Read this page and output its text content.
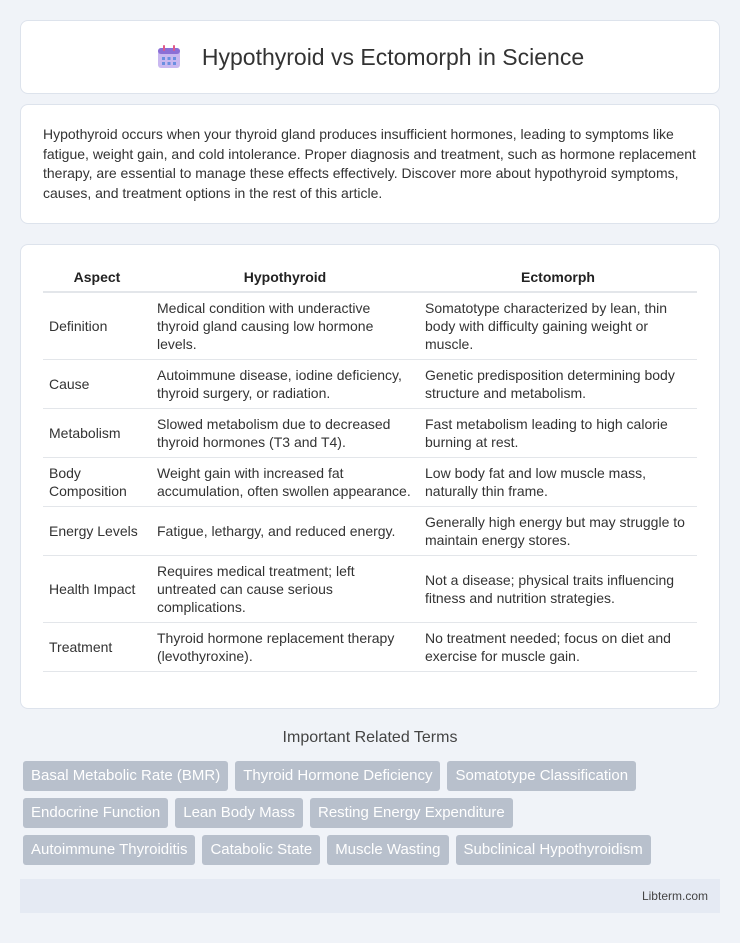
Hypothyroid vs Ectomorph in Science

Hypothyroid occurs when your thyroid gland produces insufficient hormones, leading to symptoms like fatigue, weight gain, and cold intolerance. Proper diagnosis and treatment, such as hormone replacement therapy, are essential to manage these effects effectively. Discover more about hypothyroid symptoms, causes, and treatment options in the rest of this article.

Aspect	Hypothyroid	Ectomorph
Definition	Medical condition with underactive thyroid gland causing low hormone levels.	Somatotype characterized by lean, thin body with difficulty gaining weight or muscle.
Cause	Autoimmune disease, iodine deficiency, thyroid surgery, or radiation.	Genetic predisposition determining body structure and metabolism.
Metabolism	Slowed metabolism due to decreased thyroid hormones (T3 and T4).	Fast metabolism leading to high calorie burning at rest.
Body Composition	Weight gain with increased fat accumulation, often swollen appearance.	Low body fat and low muscle mass, naturally thin frame.
Energy Levels	Fatigue, lethargy, and reduced energy.	Generally high energy but may struggle to maintain energy stores.
Health Impact	Requires medical treatment; left untreated can cause serious complications.	Not a disease; physical traits influencing fitness and nutrition strategies.
Treatment	Thyroid hormone replacement therapy (levothyroxine).	No treatment needed; focus on diet and exercise for muscle gain.
Important Related Terms
Basal Metabolic Rate (BMR)	Thyroid Hormone Deficiency	Somatotype Classification
Endocrine Function	Lean Body Mass	Resting Energy Expenditure
Autoimmune Thyroiditis	Catabolic State	Muscle Wasting	Subclinical Hypothyroidism
Libterm.com
